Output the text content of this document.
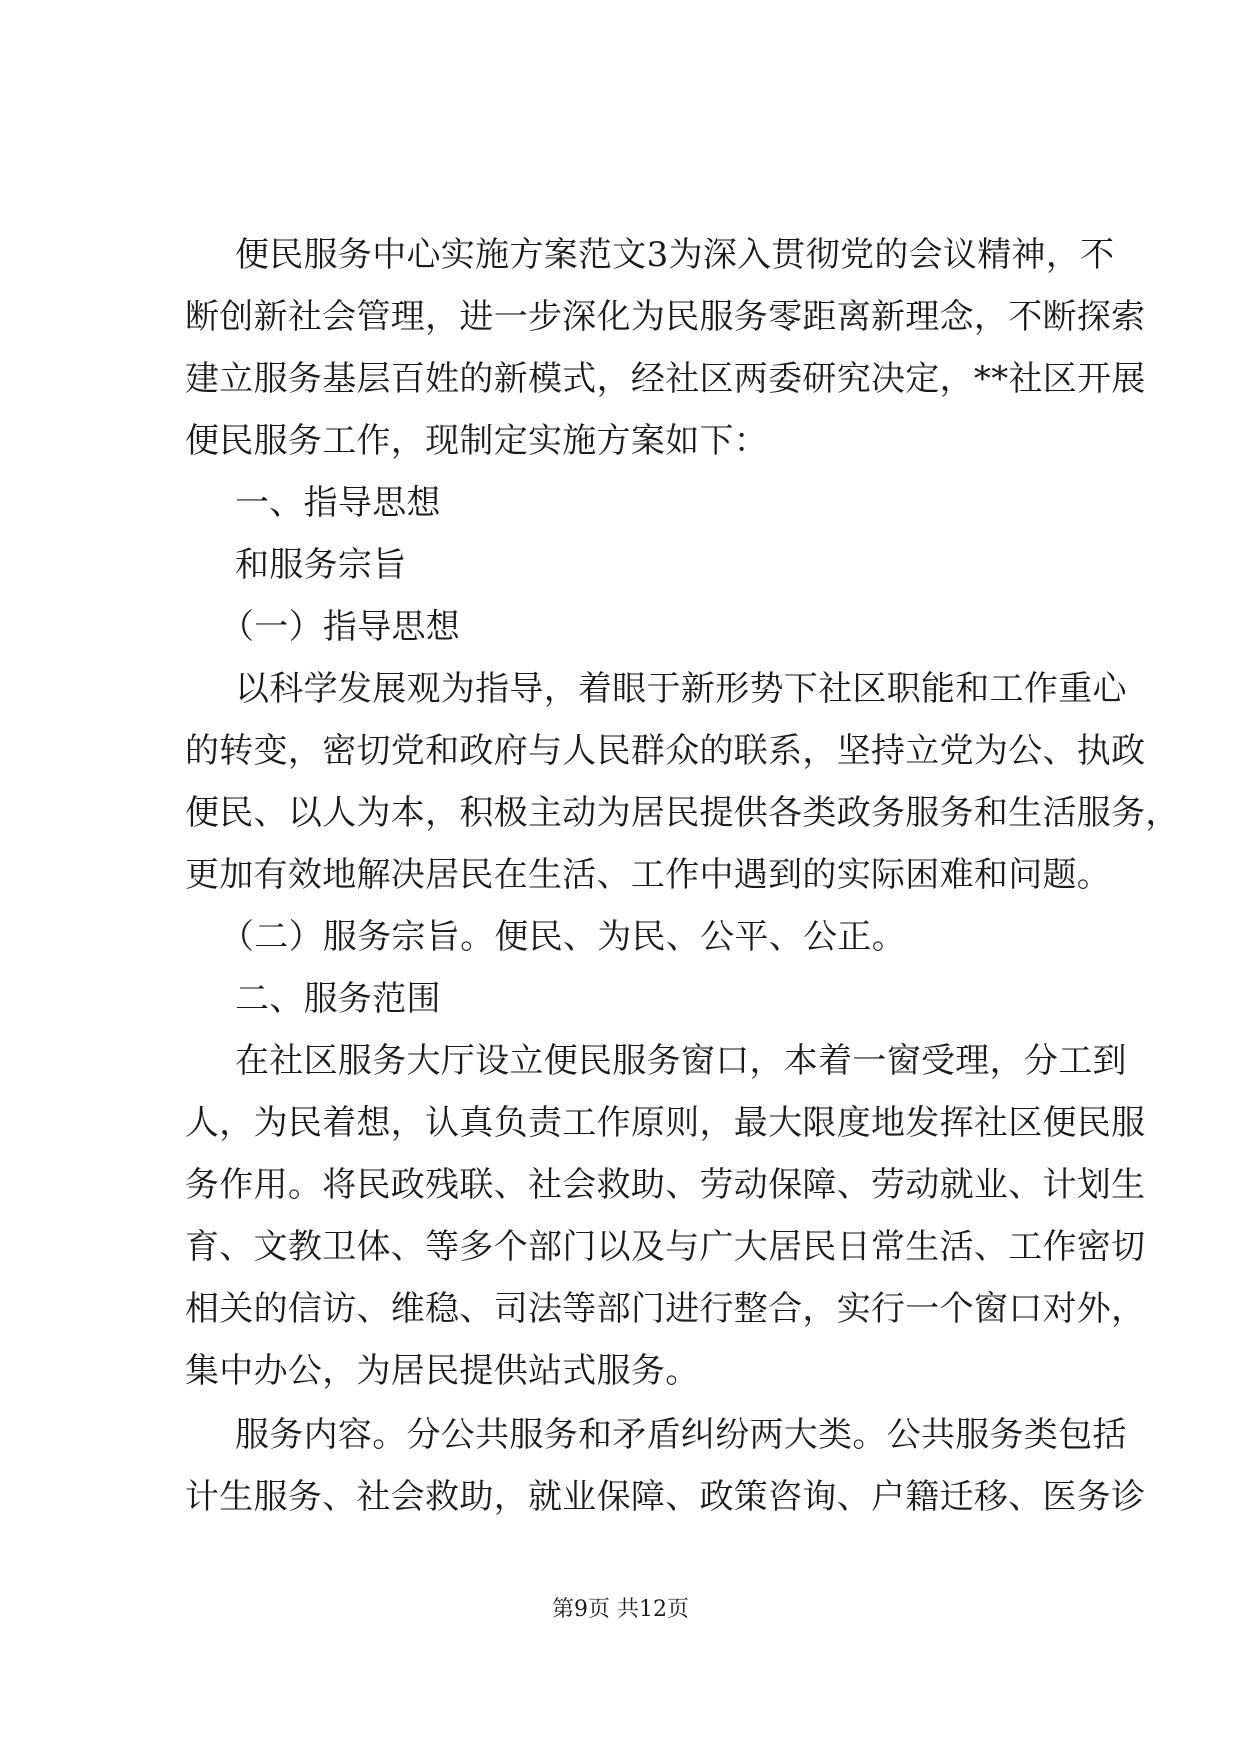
便民服务中心实施方案范文3为深入贯彻党的会议精神，不
断创新社会管理，进一步深化为民服务零距离新理念，不断探索
建立服务基层百姓的新模式，经社区两委研究决定，**社区开展
便民服务工作，现制定实施方案如下：
一、指导思想
和服务宗旨
（一）指导思想
以科学发展观为指导，着眼于新形势下社区职能和工作重心
的转变，密切党和政府与人民群众的联系，坚持立党为公、执政
便民、以人为本，积极主动为居民提供各类政务服务和生活服务，
更加有效地解决居民在生活、工作中遇到的实际困难和问题。
（二）服务宗旨。便民、为民、公平、公正。
二、服务范围
在社区服务大厅设立便民服务窗口，本着一窗受理，分工到
人，为民着想，认真负责工作原则，最大限度地发挥社区便民服
务作用。将民政残联、社会救助、劳动保障、劳动就业、计划生
育、文教卫体、等多个部门以及与广大居民日常生活、工作密切
相关的信访、维稳、司法等部门进行整合，实行一个窗口对外，
集中办公，为居民提供站式服务。
服务内容。分公共服务和矛盾纠纷两大类。公共服务类包括
计生服务、社会救助，就业保障、政策咨询、户籍迁移、医务诊
第9页 共12页
